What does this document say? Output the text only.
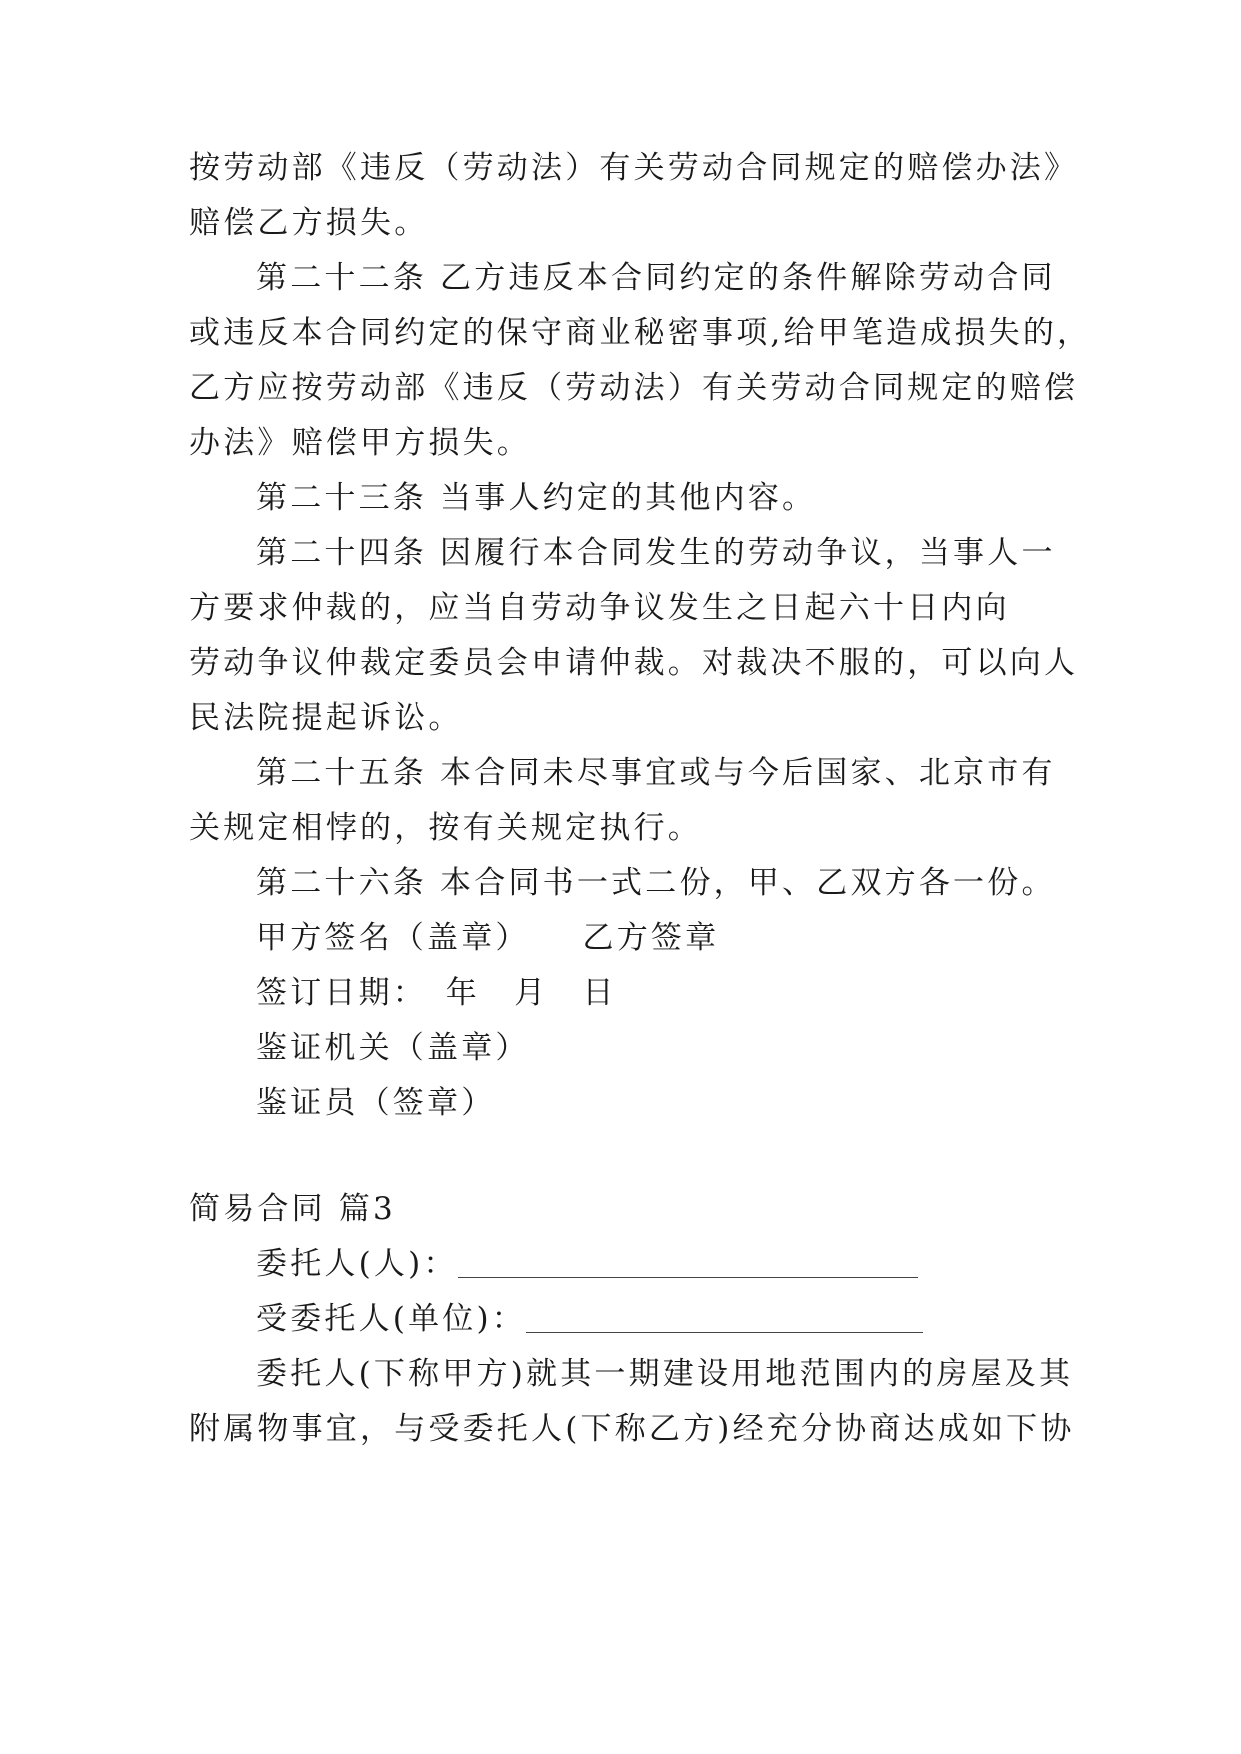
按劳动部《违反（劳动法）有关劳动合同规定的赔偿办法》
赔偿乙方损失。
第二十二条 乙方违反本合同约定的条件解除劳动合同
或违反本合同约定的保守商业秘密事项,给甲笔造成损失的，
乙方应按劳动部《违反（劳动法）有关劳动合同规定的赔偿
办法》赔偿甲方损失。
第二十三条 当事人约定的其他内容。
第二十四条 因履行本合同发生的劳动争议，当事人一
方要求仲裁的，应当自劳动争议发生之日起六十日内向
劳动争议仲裁定委员会申请仲裁。对裁决不服的，可以向人
民法院提起诉讼。
第二十五条 本合同未尽事宜或与今后国家、北京市有
关规定相悖的，按有关规定执行。
第二十六条 本合同书一式二份，甲、乙双方各一份。
甲方签名（盖章）　　乙方签章
签订日期：　年　月　日
鉴证机关（盖章）
鉴证员（签章）
简易合同 篇3
委托人(人)：
受委托人(单位)：
委托人(下称甲方)就其一期建设用地范围内的房屋及其
附属物事宜，与受委托人(下称乙方)经充分协商达成如下协
